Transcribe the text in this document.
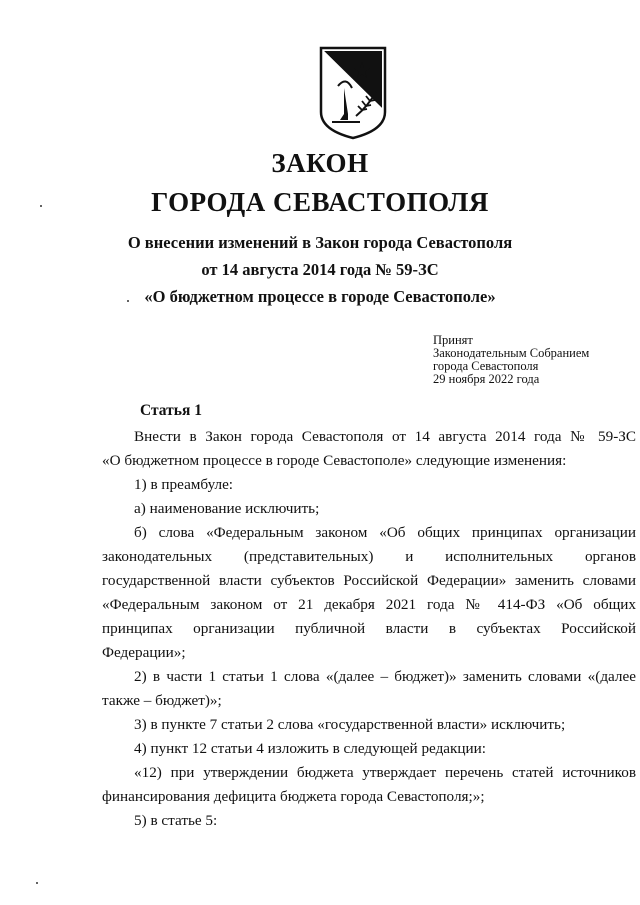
ЗАКОН
ГОРОДА СЕВАСТОПОЛЯ
О внесении изменений в Закон города Севастополя
от 14 августа 2014 года № 59-ЗС
«О бюджетном процессе в городе Севастополе»
Принят
Законодательным Собранием
города Севастополя
29 ноября 2022 года
Статья 1
Внести в Закон города Севастополя от 14 августа 2014 года № 59-ЗС
«О бюджетном процессе в городе Севастополе» следующие изменения:
1) в преамбуле:
а) наименование исключить;
б) слова «Федеральным законом «Об общих принципах организации
законодательных (представительных) и исполнительных органов
государственной власти субъектов Российской Федерации» заменить словами
«Федеральным законом от 21 декабря 2021 года № 414-ФЗ «Об общих
принципах организации публичной власти в субъектах Российской
Федерации»;
2) в части 1 статьи 1 слова «(далее – бюджет)» заменить словами «(далее
также – бюджет)»;
3) в пункте 7 статьи 2 слова «государственной власти» исключить;
4) пункт 12 статьи 4 изложить в следующей редакции:
«12) при утверждении бюджета утверждает перечень статей источников
финансирования дефицита бюджета города Севастополя;»;
5) в статье 5:
